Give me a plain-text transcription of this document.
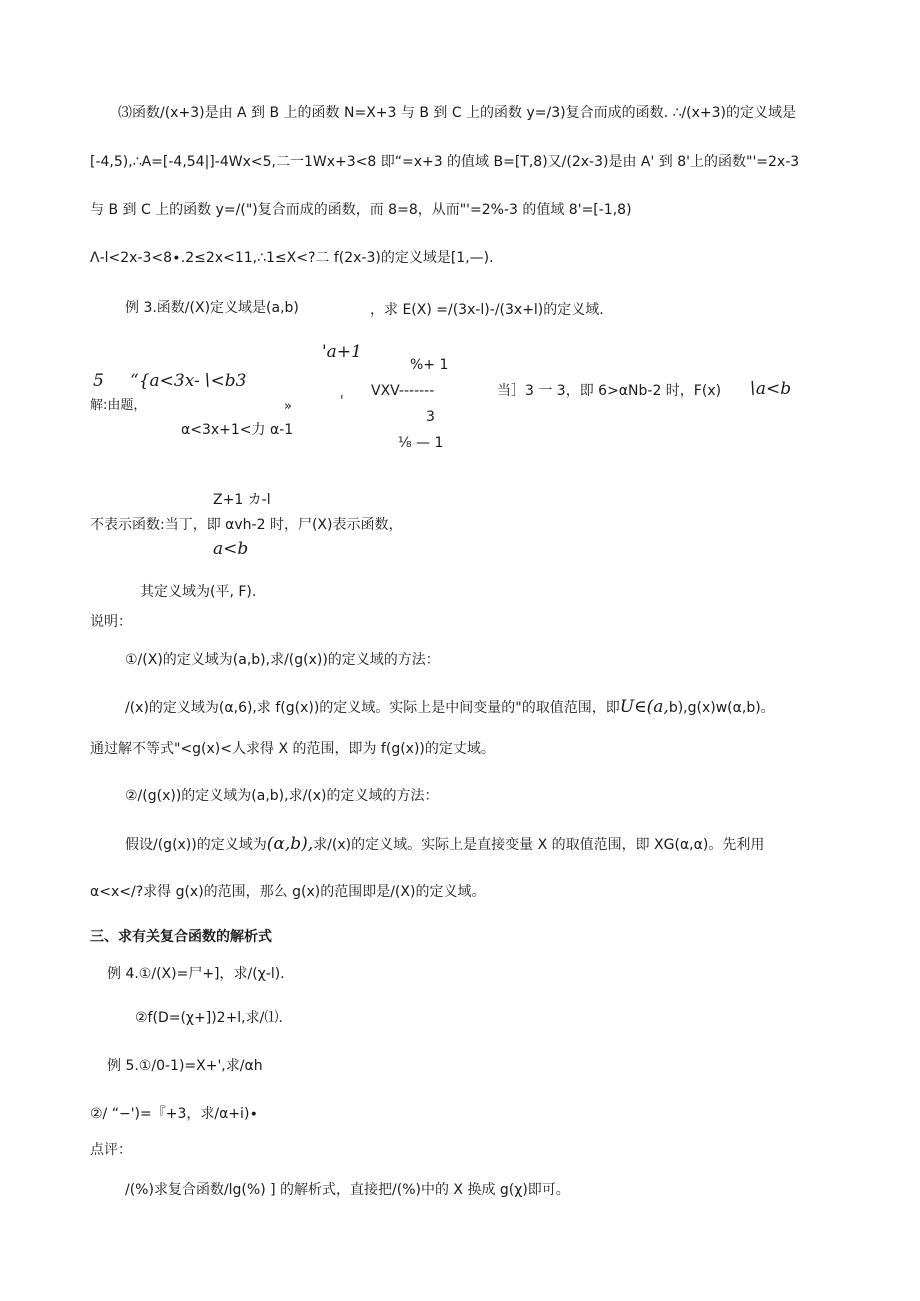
⑶函数/(x+3)是由 A 到 B 上的函数 N=X+3 与 B 到 C 上的函数 y=/3)复合而成的函数. ∴/(x+3)的定义域是
[-4,5),∴A=[-4,54|]-4Wx<5,二一1Wx+3<8 即“=x+3 的值域 B=[T,8)又/(2x-3)是由 A' 到 8'上的函数"'=2x-3
与 B 到 C 上的函数 y=/(")复合而成的函数，而 8=8，从而"'=2%-3 的值域 8'=[-1,8)
Λ-l<2x-3<8∙.2≤2x<11,∴1≤X<?二 f(2x-3)的定义域是[1,—).
例 3.函数/(X)定义域是(a,b)	，求 E(X) =/(3x-l)-/(3x+l)的定义域.
'a+1
%+ 1
5 “{a<3x-∖<b3	VXV-------	当］3 一 3，即 6>αNb-2 时，F(x) ∖a<b
解:由题，	»	'
3
α<3x+1<力 α-1
⅛ — 1
Z+1 カ-l
不表示函数:当丁，即 αvh-2 时，尸(X)表示函数，
a<b
其定义域为(平, F).
说明：
①/(X)的定义域为(a,b),求/(g(x))的定义域的方法：
/(x)的定义域为(α,6),求 f(g(x))的定义域。实际上是中间变量的"的取值范围，即U∈(a,b),g(x)w(α,b)。
通过解不等式"<g(x)<人求得 X 的范围，即为 f(g(x))的定丈域。
②/(g(x))的定义域为(a,b),求/(x)的定义域的方法：
假设/(g(x))的定义域为(α,b),求/(x)的定义域。实际上是直接变量 X 的取值范围，即 XG(α,α)。先利用
α<x</?求得 g(x)的范围，那么 g(x)的范围即是/(X)的定义域。
三、求有关复合函数的解析式
例 4.①/(X)=尸+]，求/(χ-l).
②f(D=(χ+])2+l,求/⑴.
例 5.①/0-1)=X+',求/αh
②/ “−')=『+3，求/α+i)∙
点评：
/(%)求复合函数/lg(%) ] 的解析式，直接把/(%)中的 X 换成 g(χ)即可。
